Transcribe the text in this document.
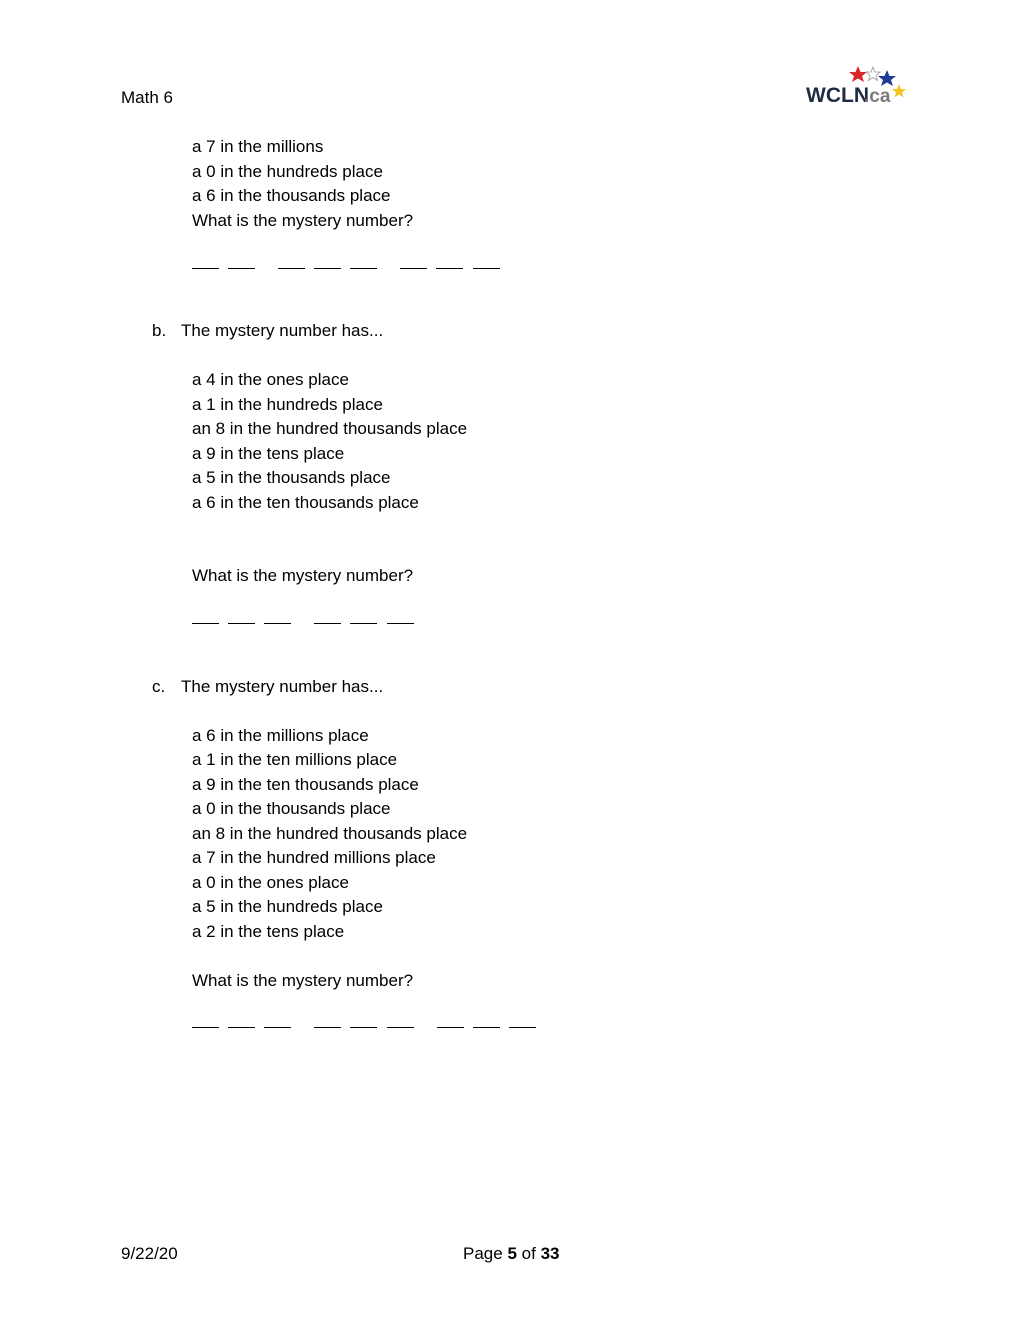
Math 6	WCLN
.ca
a 7 in the millions
a 0 in the hundreds place
a 6 in the thousands place
What is the mystery number?
b. The mystery number has...
a 4 in the ones place
a 1 in the hundreds place
an 8 in the hundred thousands place
a 9 in the tens place
a 5 in the thousands place
a 6 in the ten thousands place
What is the mystery number?
c. The mystery number has...
a 6 in the millions place
a 1 in the ten millions place
a 9 in the ten thousands place
a 0 in the thousands place
an 8 in the hundred thousands place
a 7 in the hundred millions place
a 0 in the ones place
a 5 in the hundreds place
a 2 in the tens place
What is the mystery number?
9/22/20	Page 5 of 33
